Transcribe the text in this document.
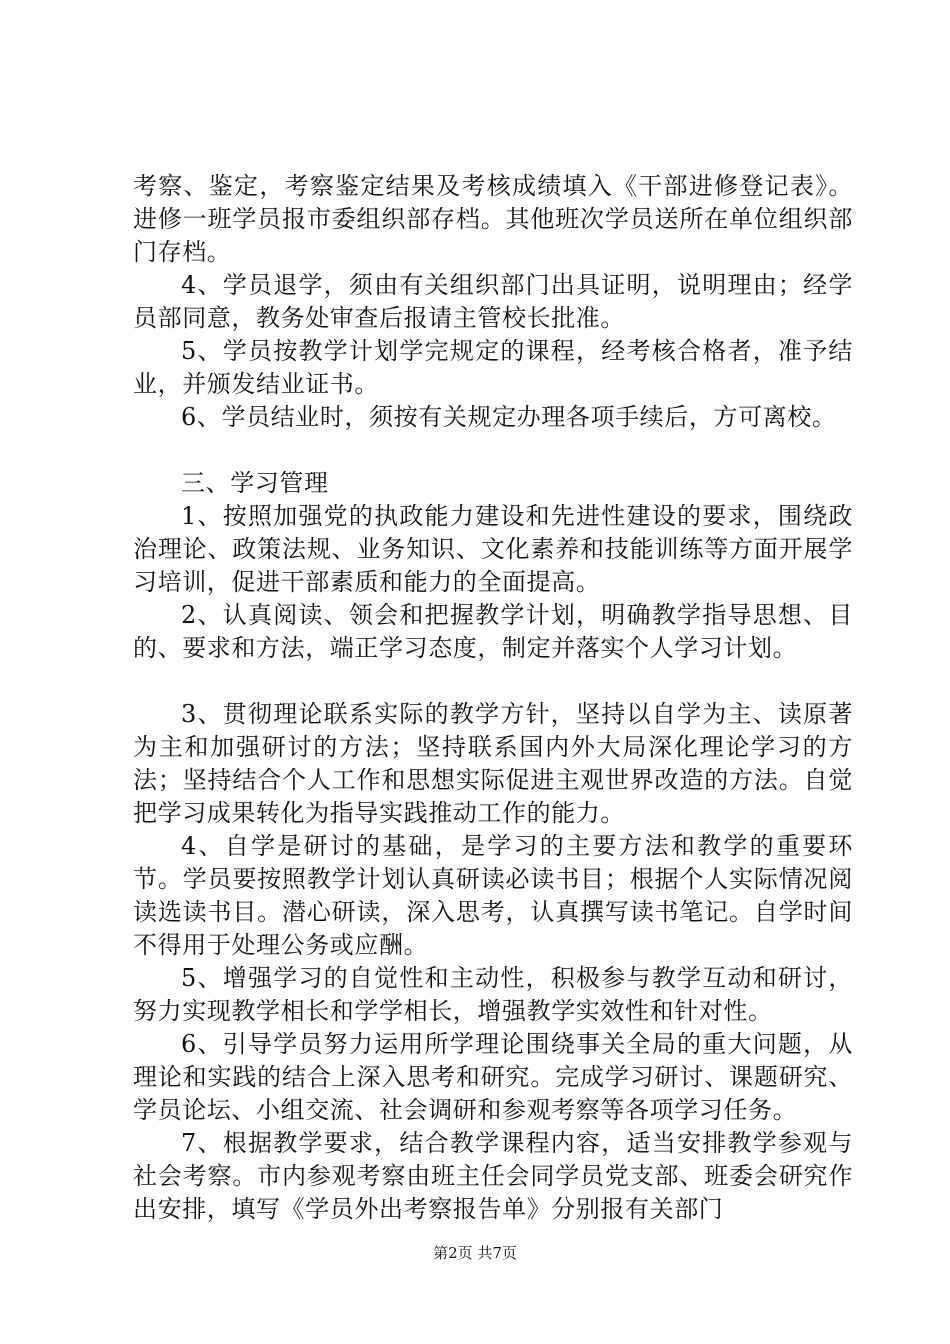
考察、鉴定，考察鉴定结果及考核成绩填入《干部进修登记表》。进修一班学员报市委组织部存档。其他班次学员送所在单位组织部门存档。

4、学员退学，须由有关组织部门出具证明，说明理由；经学员部同意，教务处审查后报请主管校长批准。

5、学员按教学计划学完规定的课程，经考核合格者，准予结业，并颁发结业证书。

6、学员结业时，须按有关规定办理各项手续后，方可离校。

三、学习管理

1、按照加强党的执政能力建设和先进性建设的要求，围绕政治理论、政策法规、业务知识、文化素养和技能训练等方面开展学习培训，促进干部素质和能力的全面提高。

2、认真阅读、领会和把握教学计划，明确教学指导思想、目的、要求和方法，端正学习态度，制定并落实个人学习计划。

3、贯彻理论联系实际的教学方针，坚持以自学为主、读原著为主和加强研讨的方法；坚持联系国内外大局深化理论学习的方法；坚持结合个人工作和思想实际促进主观世界改造的方法。自觉把学习成果转化为指导实践推动工作的能力。

4、自学是研讨的基础，是学习的主要方法和教学的重要环节。学员要按照教学计划认真研读必读书目；根据个人实际情况阅读选读书目。潜心研读，深入思考，认真撰写读书笔记。自学时间不得用于处理公务或应酬。

5、增强学习的自觉性和主动性，积极参与教学互动和研讨，努力实现教学相长和学学相长，增强教学实效性和针对性。

6、引导学员努力运用所学理论围绕事关全局的重大问题，从理论和实践的结合上深入思考和研究。完成学习研讨、课题研究、学员论坛、小组交流、社会调研和参观考察等各项学习任务。

7、根据教学要求，结合教学课程内容，适当安排教学参观与社会考察。市内参观考察由班主任会同学员党支部、班委会研究作出安排，填写《学员外出考察报告单》分别报有关部门

第2页 共7页
